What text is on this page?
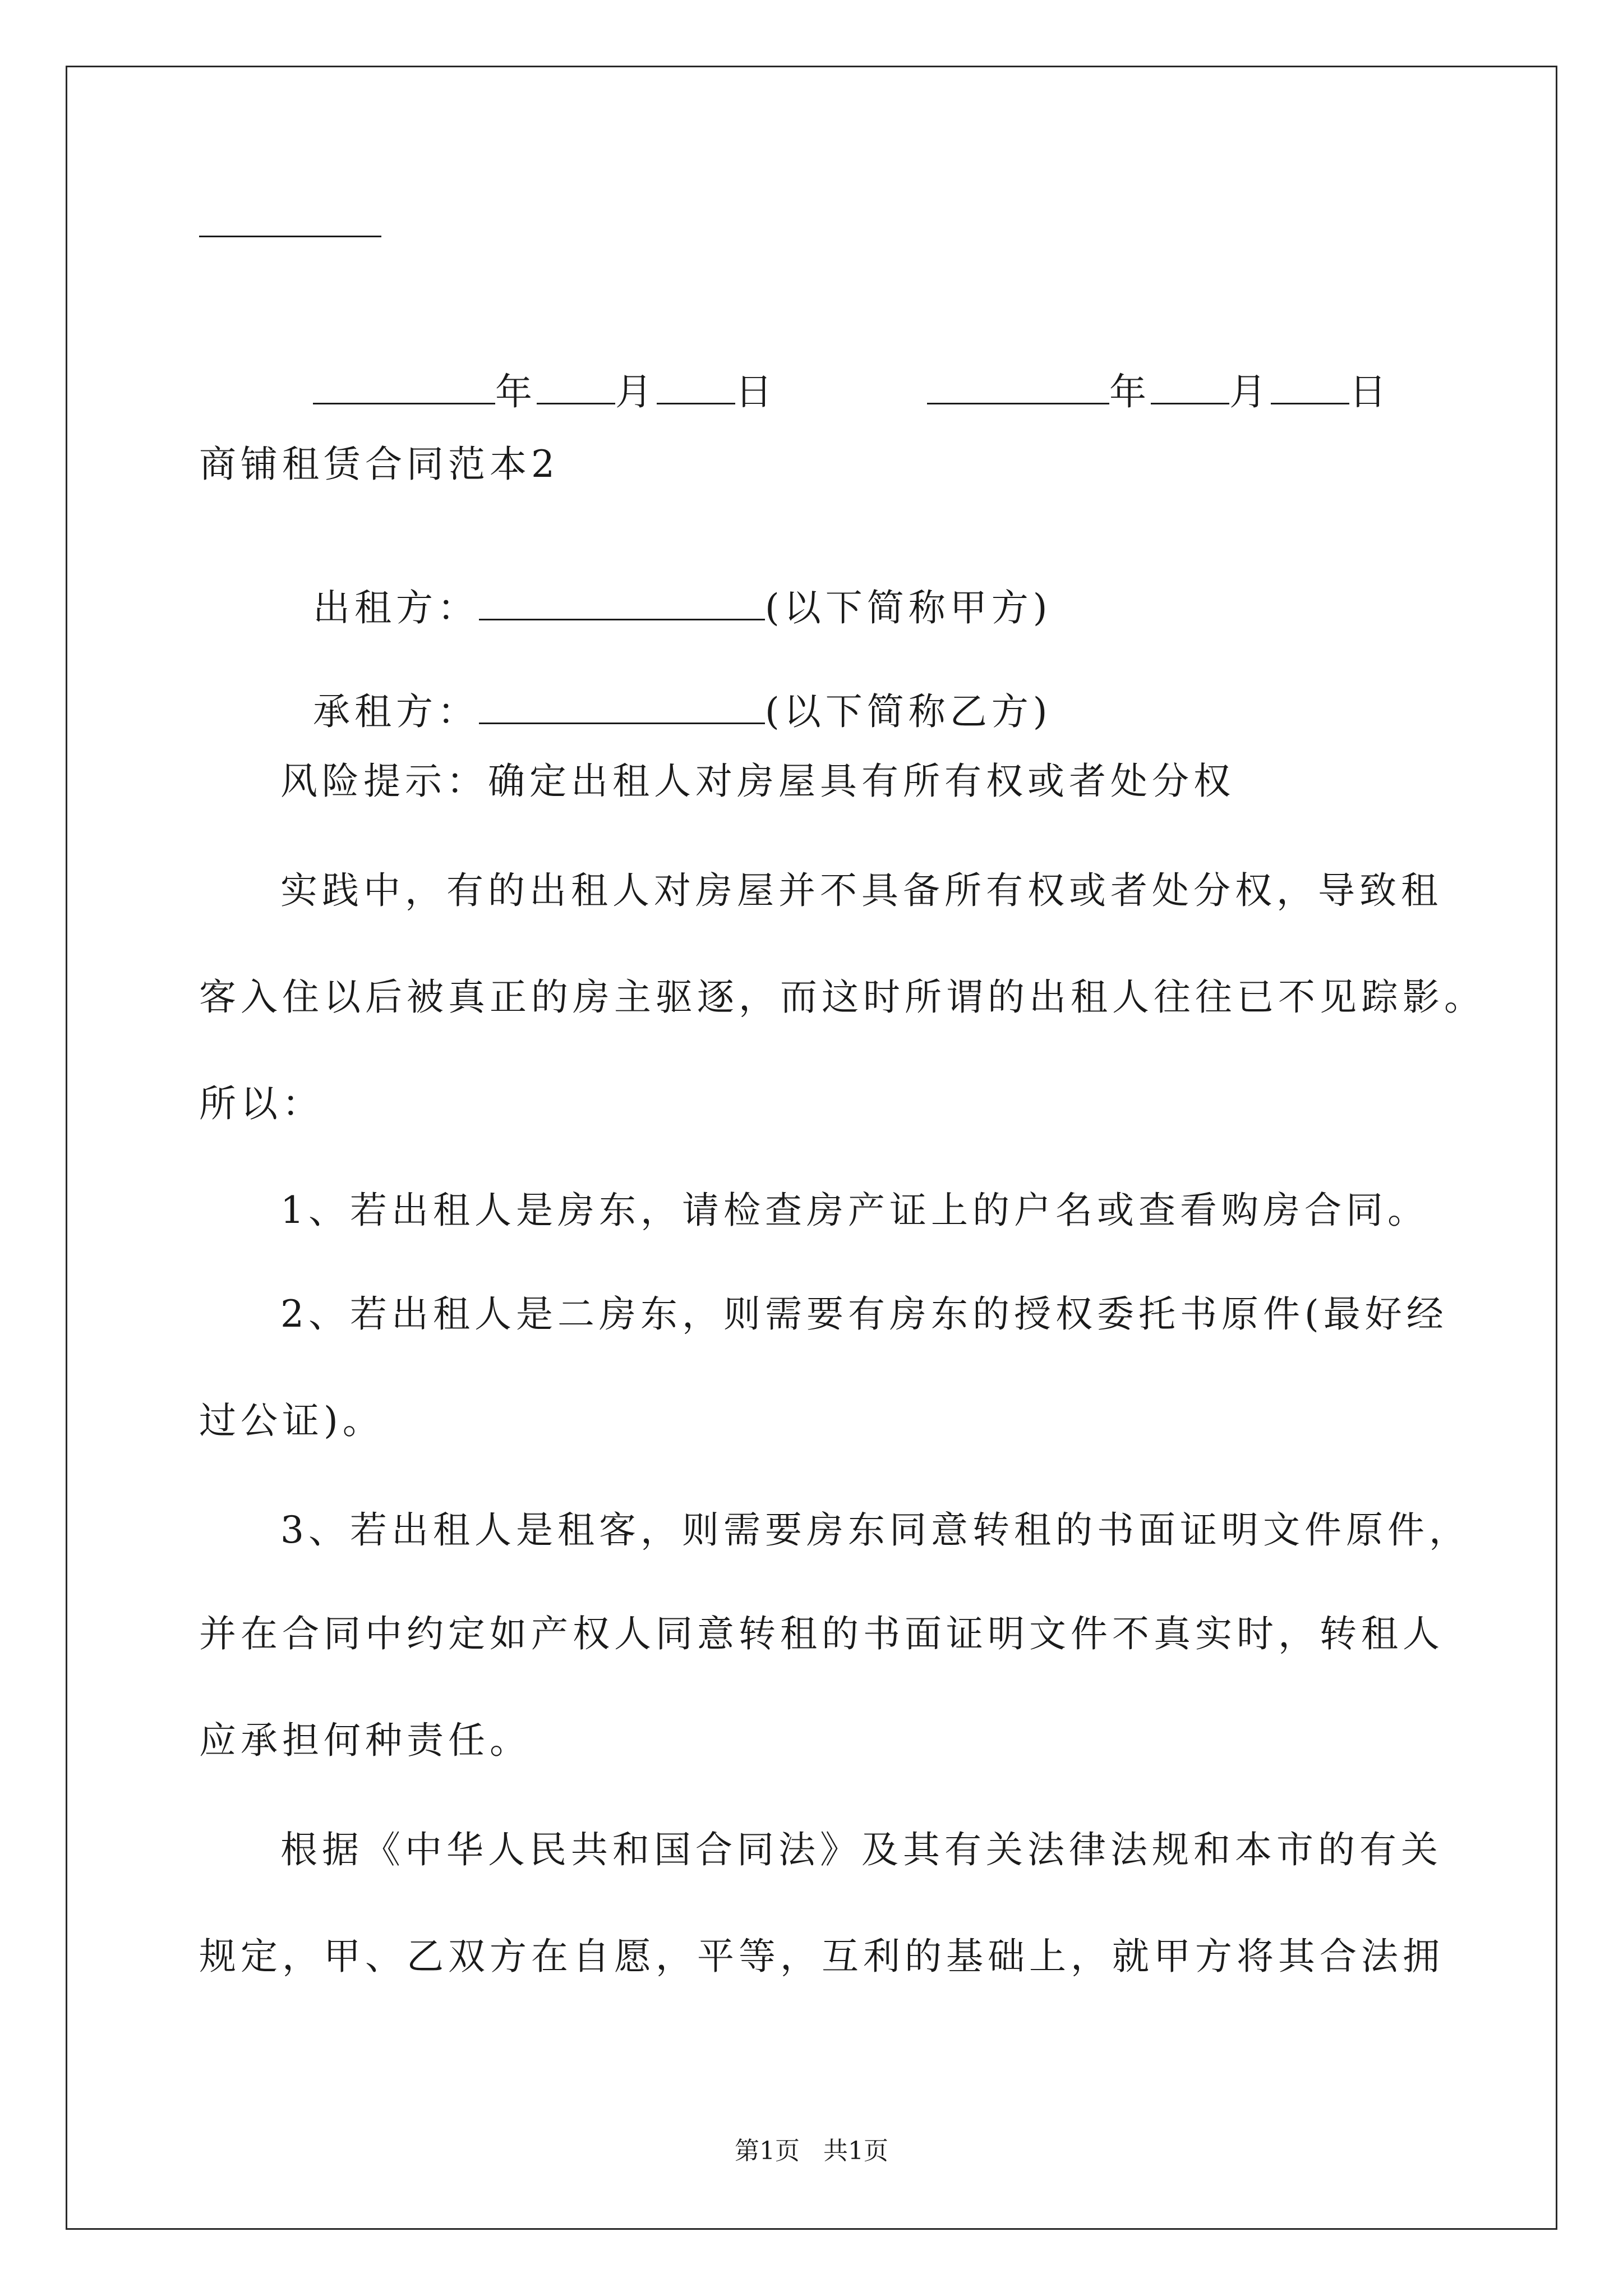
年 月 日	年 月 日

商铺租赁合同范本2

出租方：	(以下简称甲方)

承租方：	(以下简称乙方)

风险提示：确定出租人对房屋具有所有权或者处分权
实践中，有的出租人对房屋并不具备所有权或者处分权，导致租
客入住以后被真正的房主驱逐，而这时所谓的出租人往往已不见踪影。
所以：
1、若出租人是房东，请检查房产证上的户名或查看购房合同。
2、若出租人是二房东，则需要有房东的授权委托书原件(最好经
过公证)。
3、若出租人是租客，则需要房东同意转租的书面证明文件原件，
并在合同中约定如产权人同意转租的书面证明文件不真实时，转租人
应承担何种责任。
根据《中华人民共和国合同法》及其有关法律法规和本市的有关
规定，甲、乙双方在自愿，平等，互利的基础上，就甲方将其合法拥
第1页   共1页
